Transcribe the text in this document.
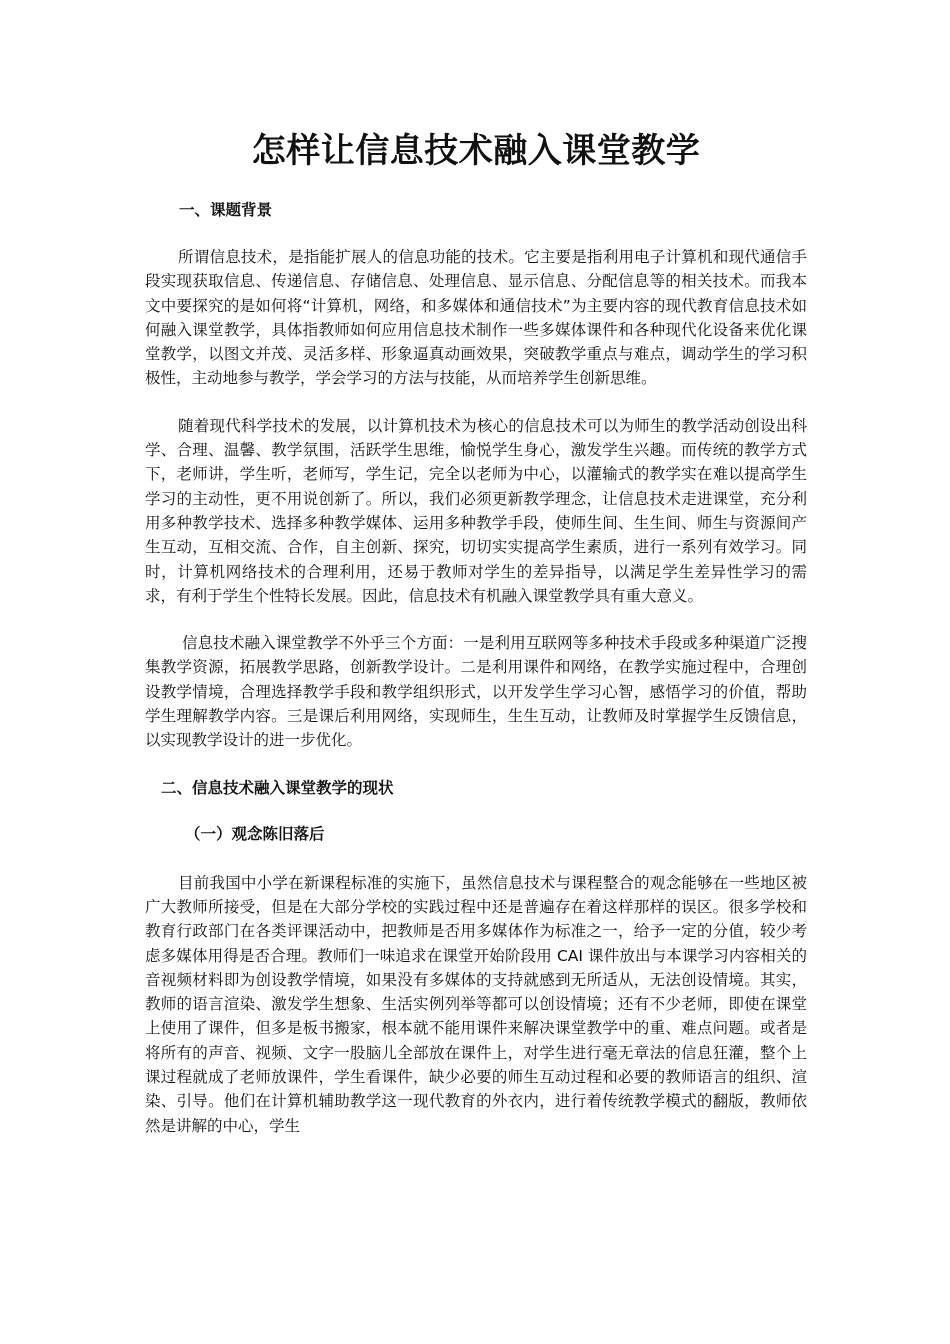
怎样让信息技术融入课堂教学
一、课题背景

所谓信息技术，是指能扩展人的信息功能的技术。它主要是指利用电子计算机和现代通信手段实现获取信息、传递信息、存储信息、处理信息、显示信息、分配信息等的相关技术。而我本文中要探究的是如何将“计算机，网络，和多媒体和通信技术”为主要内容的现代教育信息技术如何融入课堂教学，具体指教师如何应用信息技术制作一些多媒体课件和各种现代化设备来优化课堂教学，以图文并茂、灵活多样、形象逼真动画效果，突破教学重点与难点，调动学生的学习积极性，主动地参与教学，学会学习的方法与技能，从而培养学生创新思维。

随着现代科学技术的发展，以计算机技术为核心的信息技术可以为师生的教学活动创设出科学、合理、温馨、教学氛围，活跃学生思维，愉悦学生身心，激发学生兴趣。而传统的教学方式下，老师讲，学生听，老师写，学生记，完全以老师为中心，以灌输式的教学实在难以提高学生学习的主动性，更不用说创新了。所以，我们必须更新教学理念，让信息技术走进课堂，充分利用多种教学技术、选择多种教学媒体、运用多种教学手段，使师生间、生生间、师生与资源间产生互动，互相交流、合作，自主创新、探究，切切实实提高学生素质，进行一系列有效学习。同时，计算机网络技术的合理利用，还易于教师对学生的差异指导，以满足学生差异性学习的需求，有利于学生个性特长发展。因此，信息技术有机融入课堂教学具有重大意义。

信息技术融入课堂教学不外乎三个方面：一是利用互联网等多种技术手段或多种渠道广泛搜集教学资源，拓展教学思路，创新教学设计。二是利用课件和网络，在教学实施过程中，合理创设教学情境，合理选择教学手段和教学组织形式，以开发学生学习心智，感悟学习的价值，帮助学生理解教学内容。三是课后利用网络，实现师生，生生互动，让教师及时掌握学生反馈信息，以实现教学设计的进一步优化。

二、信息技术融入课堂教学的现状
（一）观念陈旧落后

目前我国中小学在新课程标准的实施下，虽然信息技术与课程整合的观念能够在一些地区被广大教师所接受，但是在大部分学校的实践过程中还是普遍存在着这样那样的误区。很多学校和教育行政部门在各类评课活动中，把教师是否用多媒体作为标准之一，给予一定的分值，较少考虑多媒体用得是否合理。教师们一味追求在课堂开始阶段用 CAI 课件放出与本课学习内容相关的音视频材料即为创设教学情境，如果没有多媒体的支持就感到无所适从，无法创设情境。其实，教师的语言渲染、激发学生想象、生活实例列举等都可以创设情境；还有不少老师，即使在课堂上使用了课件，但多是板书搬家，根本就不能用课件来解决课堂教学中的重、难点问题。或者是将所有的声音、视频、文字一股脑儿全部放在课件上，对学生进行毫无章法的信息狂灌，整个上课过程就成了老师放课件，学生看课件，缺少必要的师生互动过程和必要的教师语言的组织、渲染、引导。他们在计算机辅助教学这一现代教育的外衣内，进行着传统教学模式的翻版，教师依然是讲解的中心，学生
